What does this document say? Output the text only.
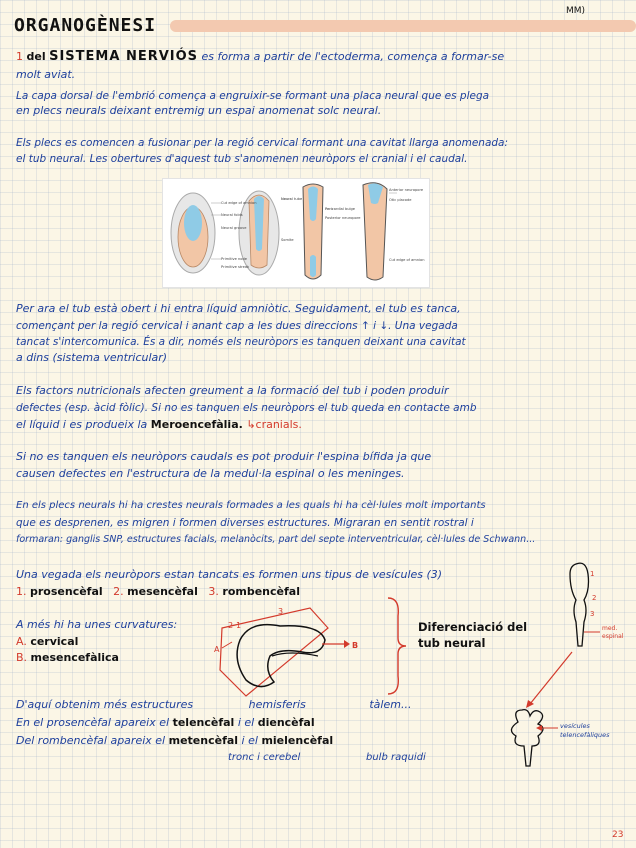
ORGANOGÈNESI
MM)
1 del SISTEMA NERVIÓS es forma a partir de l'ectoderma, comença a formar-se
molt aviat.
La capa dorsal de l'embrió comença a engruixir-se formant una placa neural que es plega
en plecs neurals deixant entremig un espai anomenat solc neural.
Els plecs es comencen a fusionar per la regió cervical formant una cavitat llarga anomenada:
el tub neural. Les obertures d'aquest tub s'anomenen neuròpors el cranial i el caudal.
Cut edge of amnion
Neural folds
Neural groove
Primitive node
Primitive streak
Neural tube
Somite
Pericardial bulge
Posterior neuropore
Anterior neuropore
Otic placode
Cut edge of amnion
Per ara el tub està obert i hi entra líquid amniòtic. Seguidament, el tub es tanca,
començant per la regió cervical i anant cap a les dues direccions ↑ i ↓. Una vegada
tancat s'intercomunica. És a dir, només els neuròpors es tanquen deixant una cavitat
a dins (sistema ventricular)
Els factors nutricionals afecten greument a la formació del tub i poden produir
defectes (esp. àcid fòlic). Si no es tanquen els neuròpors el tub queda en contacte amb
el líquid i es produeix la Meroencefàlia. ↳cranials.
Si no es tanquen els neuròpors caudals es pot produir l'espina bífida ja que
causen defectes en l'estructura de la medul·la espinal o les meninges.
En els plecs neurals hi ha crestes neurals formades a les quals hi ha cèl·lules molt importants
que es desprenen, es migren i formen diverses estructures. Migraran en sentit rostral i
formaran: ganglis SNP, estructures facials, melanòcits, part del septe interventricular, cèl·lules de Schwann...
Una vegada els neuròpors estan tancats es formen uns tipus de vesícules (3)
1. prosencèfal 2. mesencèfal 3. rombencèfal
A més hi ha unes curvatures:
A. cervical
B. mesencefàlica
3
2 1
A	B
Diferenciació del
tub neural
1
2
3
med.
espinal
vesícules
telencefàliques
D'aquí obtenim més estructures	hemisferis	tàlem...
En el prosencèfal apareix el telencèfal i el diencèfal
Del rombencèfal apareix el metencèfal i el mielencèfal
tronc i cerebel	bulb raquidi
23
